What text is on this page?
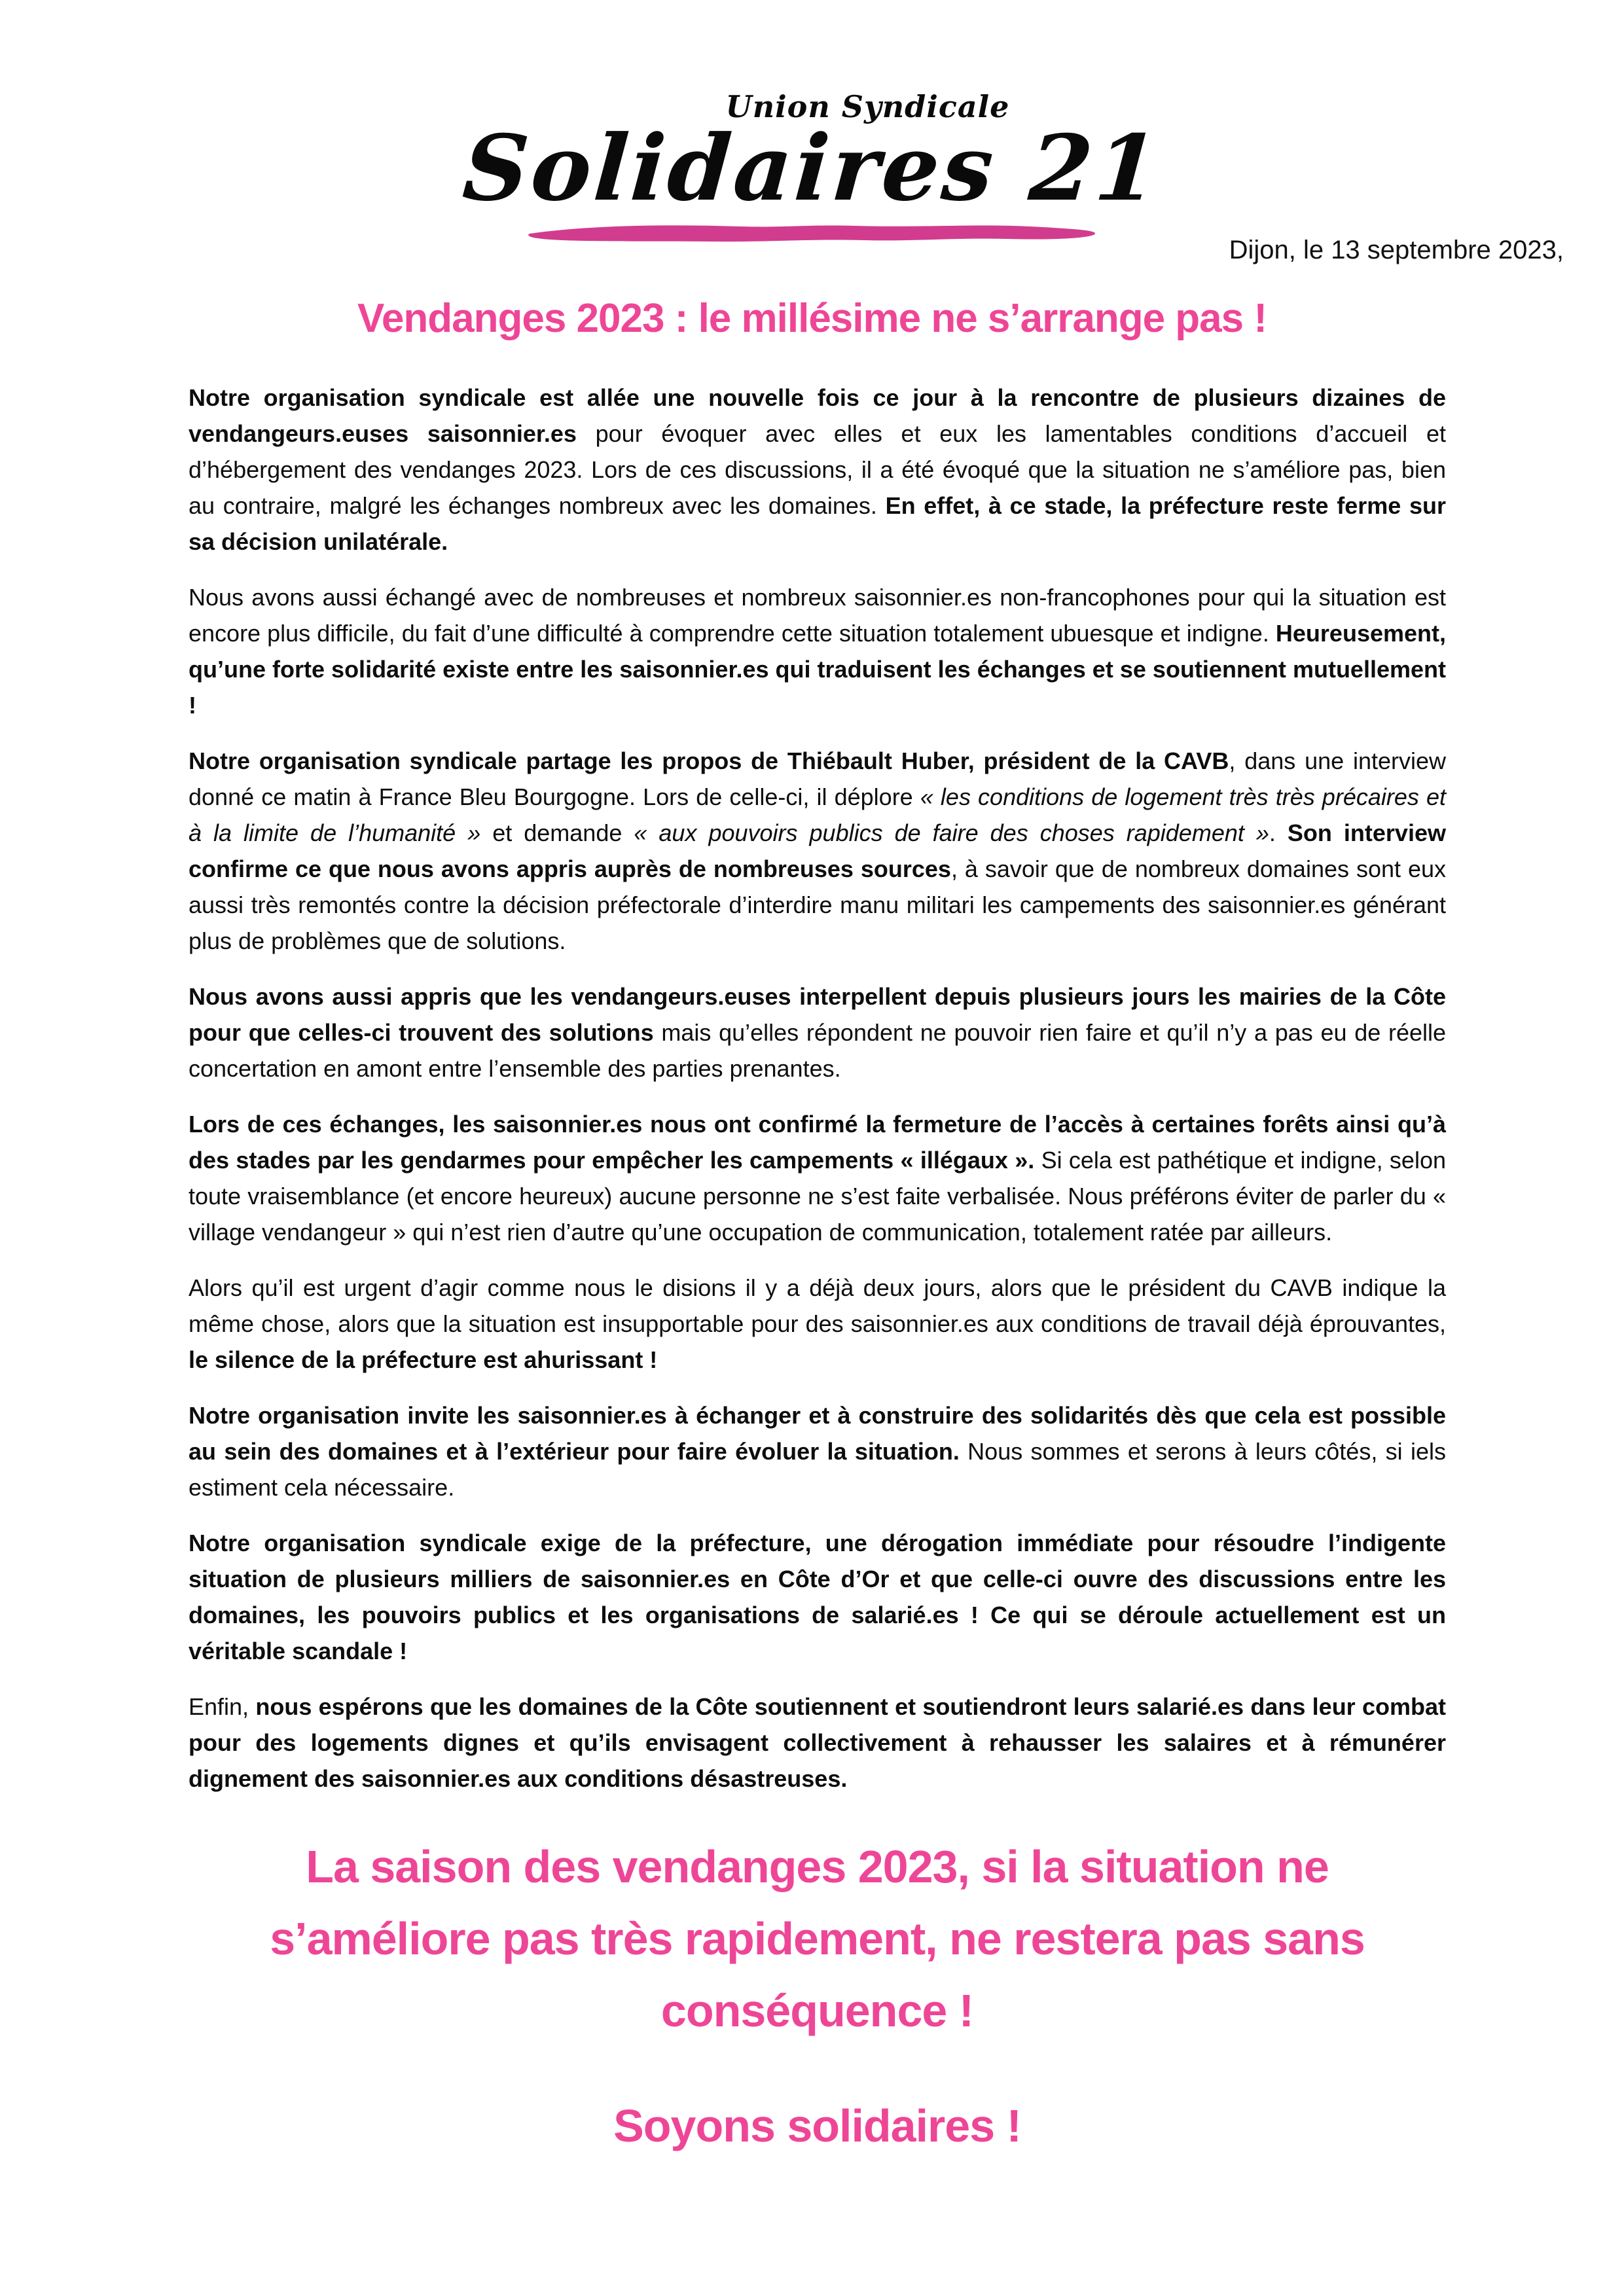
Union Syndicale
Solidaires 21
Dijon, le 13 septembre 2023,
Vendanges 2023 : le millésime ne s’arrange pas !

Notre organisation syndicale est allée une nouvelle fois ce jour à la rencontre de plusieurs dizaines de vendangeurs.euses saisonnier.es pour évoquer avec elles et eux les lamentables conditions d’accueil et d’hébergement des vendanges 2023. Lors de ces discussions, il a été évoqué que la situation ne s’améliore pas, bien au contraire, malgré les échanges nombreux avec les domaines. En effet, à ce stade, la préfecture reste ferme sur sa décision unilatérale.

Nous avons aussi échangé avec de nombreuses et nombreux saisonnier.es non-francophones pour qui la situation est encore plus difficile, du fait d’une difficulté à comprendre cette situation totalement ubuesque et indigne. Heureusement, qu’une forte solidarité existe entre les saisonnier.es qui traduisent les échanges et se soutiennent mutuellement !

Notre organisation syndicale partage les propos de Thiébault Huber, président de la CAVB, dans une interview donné ce matin à France Bleu Bourgogne. Lors de celle-ci, il déplore « les conditions de logement très très précaires et à la limite de l’humanité » et demande « aux pouvoirs publics de faire des choses rapidement ». Son interview confirme ce que nous avons appris auprès de nombreuses sources, à savoir que de nombreux domaines sont eux aussi très remontés contre la décision préfectorale d’interdire manu militari les campements des saisonnier.es générant plus de problèmes que de solutions.

Nous avons aussi appris que les vendangeurs.euses interpellent depuis plusieurs jours les mairies de la Côte pour que celles-ci trouvent des solutions mais qu’elles répondent ne pouvoir rien faire et qu’il n’y a pas eu de réelle concertation en amont entre l’ensemble des parties prenantes.

Lors de ces échanges, les saisonnier.es nous ont confirmé la fermeture de l’accès à certaines forêts ainsi qu’à des stades par les gendarmes pour empêcher les campements « illégaux ». Si cela est pathétique et indigne, selon toute vraisemblance (et encore heureux) aucune personne ne s’est faite verbalisée. Nous préférons éviter de parler du « village vendangeur » qui n’est rien d’autre qu’une occupation de communication, totalement ratée par ailleurs.

Alors qu’il est urgent d’agir comme nous le disions il y a déjà deux jours, alors que le président du CAVB indique la même chose, alors que la situation est insupportable pour des saisonnier.es aux conditions de travail déjà éprouvantes, le silence de la préfecture est ahurissant !

Notre organisation invite les saisonnier.es à échanger et à construire des solidarités dès que cela est possible au sein des domaines et à l’extérieur pour faire évoluer la situation. Nous sommes et serons à leurs côtés, si iels estiment cela nécessaire.

Notre organisation syndicale exige de la préfecture, une dérogation immédiate pour résoudre l’indigente situation de plusieurs milliers de saisonnier.es en Côte d’Or et que celle-ci ouvre des discussions entre les domaines, les pouvoirs publics et les organisations de salarié.es ! Ce qui se déroule actuellement est un véritable scandale !

Enfin, nous espérons que les domaines de la Côte soutiennent et soutiendront leurs salarié.es dans leur combat pour des logements dignes et qu’ils envisagent collectivement à rehausser les salaires et à rémunérer dignement des saisonnier.es aux conditions désastreuses.

La saison des vendanges 2023, si la situation ne s’améliore pas très rapidement, ne restera pas sans conséquence !
Soyons solidaires !
